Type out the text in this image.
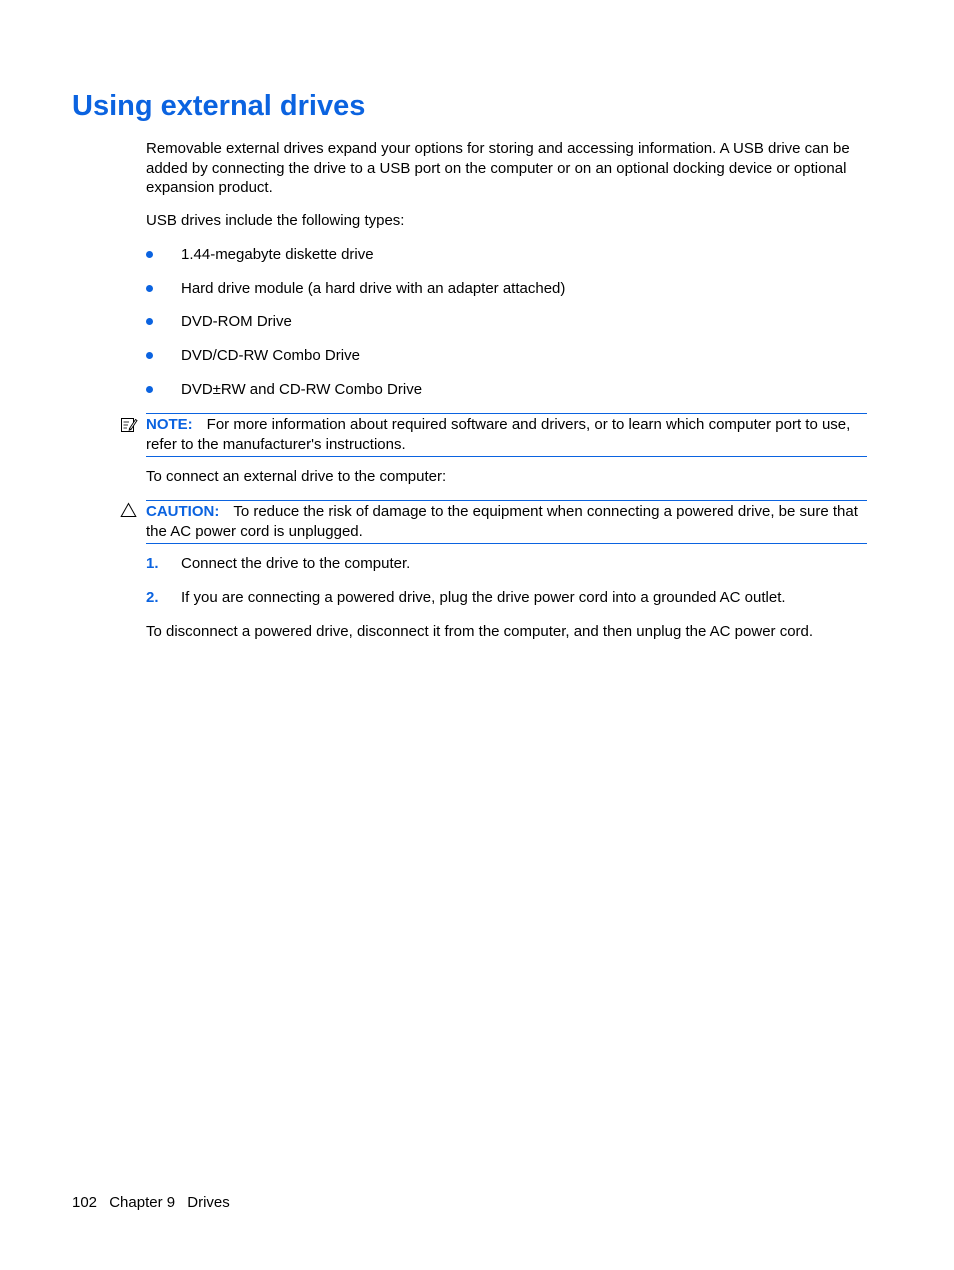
Using external drives

Removable external drives expand your options for storing and accessing information. A USB drive can be added by connecting the drive to a USB port on the computer or on an optional docking device or optional expansion product.

USB drives include the following types:

1.44-megabyte diskette drive
Hard drive module (a hard drive with an adapter attached)
DVD-ROM Drive
DVD/CD-RW Combo Drive
DVD±RW and CD-RW Combo Drive
NOTE: For more information about required software and drivers, or to learn which computer port to use, refer to the manufacturer's instructions.

To connect an external drive to the computer:

CAUTION: To reduce the risk of damage to the equipment when connecting a powered drive, be sure that the AC power cord is unplugged.
1. Connect the drive to the computer.
2. If you are connecting a powered drive, plug the drive power cord into a grounded AC outlet.

To disconnect a powered drive, disconnect it from the computer, and then unplug the AC power cord.

102 Chapter 9 Drives
